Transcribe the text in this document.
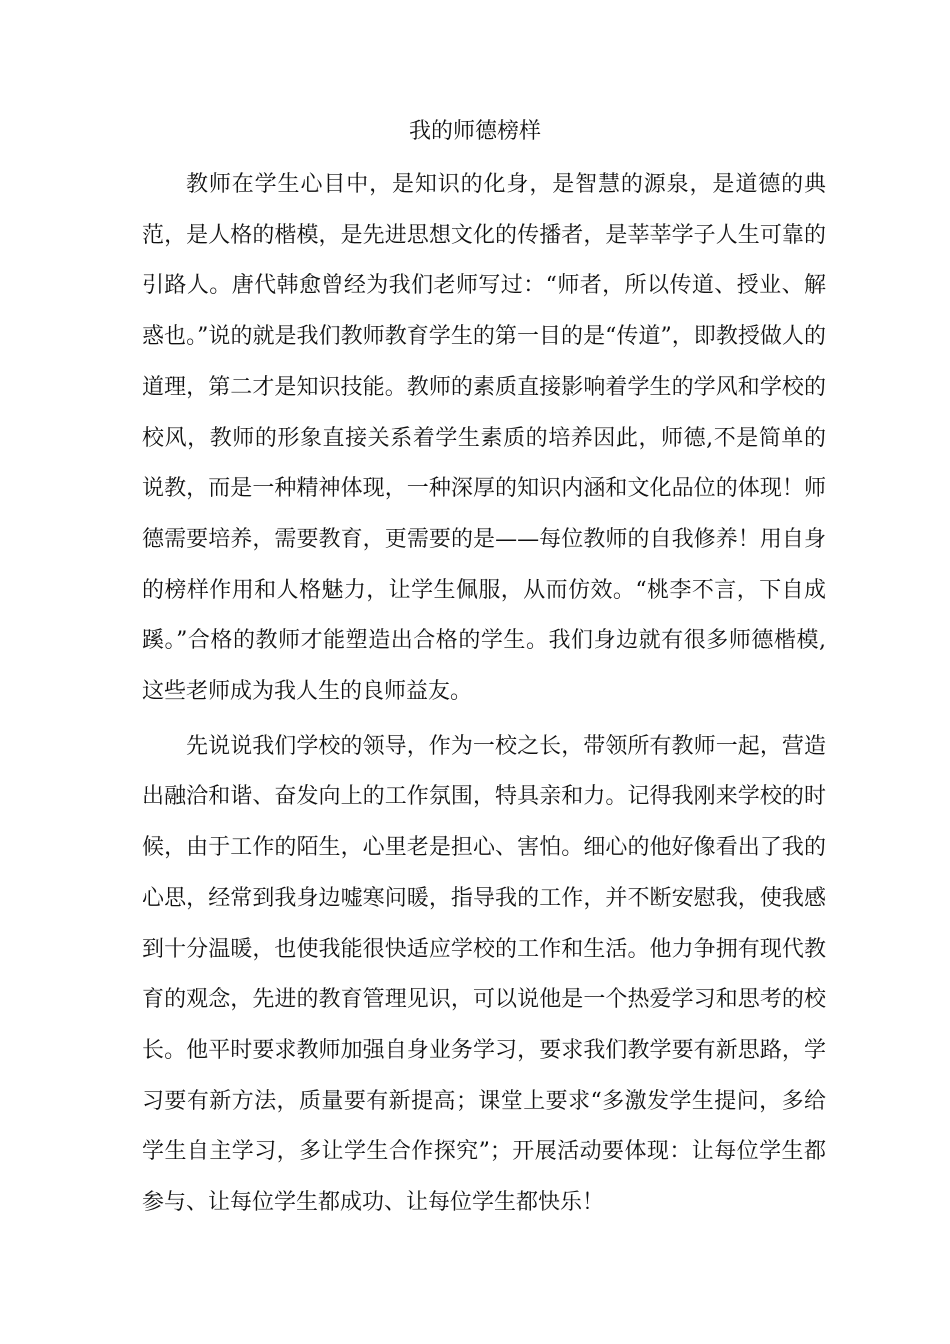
我的师德榜样

教师在学生心目中，是知识的化身，是智慧的源泉，是道德的典范，是人格的楷模，是先进思想文化的传播者，是莘莘学子人生可靠的引路人。唐代韩愈曾经为我们老师写过：“师者，所以传道、授业、解惑也。”说的就是我们教师教育学生的第一目的是“传道”，即教授做人的道理，第二才是知识技能。教师的素质直接影响着学生的学风和学校的校风，教师的形象直接关系着学生素质的培养因此，师德,不是简单的说教，而是一种精神体现，一种深厚的知识内涵和文化品位的体现！师德需要培养，需要教育，更需要的是——每位教师的自我修养！用自身的榜样作用和人格魅力，让学生佩服，从而仿效。“桃李不言，下自成蹊。”合格的教师才能塑造出合格的学生。我们身边就有很多师德楷模,这些老师成为我人生的良师益友。

先说说我们学校的领导，作为一校之长，带领所有教师一起，营造出融洽和谐、奋发向上的工作氛围，特具亲和力。记得我刚来学校的时候，由于工作的陌生，心里老是担心、害怕。细心的他好像看出了我的心思，经常到我身边嘘寒问暖，指导我的工作，并不断安慰我，使我感到十分温暖，也使我能很快适应学校的工作和生活。他力争拥有现代教育的观念，先进的教育管理见识，可以说他是一个热爱学习和思考的校长。他平时要求教师加强自身业务学习，要求我们教学要有新思路，学习要有新方法，质量要有新提高；课堂上要求“多激发学生提问，多给学生自主学习，多让学生合作探究”；开展活动要体现：让每位学生都参与、让每位学生都成功、让每位学生都快乐！
